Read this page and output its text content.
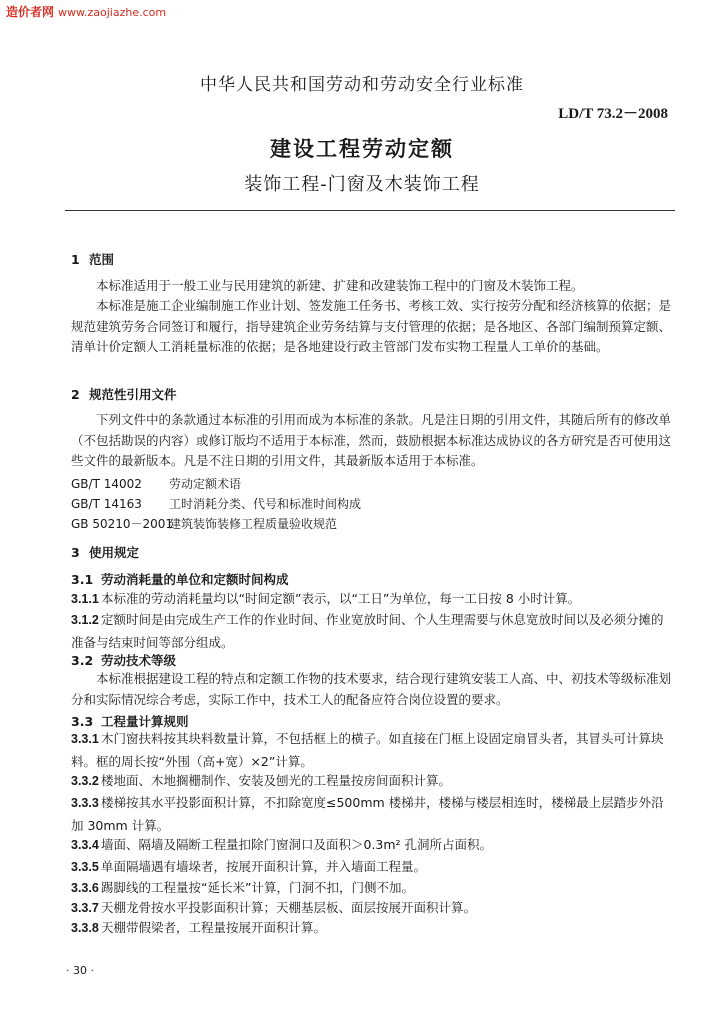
造价者网 www.zaojiazhe.com
中华人民共和国劳动和劳动安全行业标准
LD/T 73.2－2008
建设工程劳动定额
装饰工程-门窗及木装饰工程
1 范围

本标准适用于一般工业与民用建筑的新建、扩建和改建装饰工程中的门窗及木装饰工程。

本标准是施工企业编制施工作业计划、签发施工任务书、考核工效、实行按劳分配和经济核算的依据；是规范建筑劳务合同签订和履行，指导建筑企业劳务结算与支付管理的依据；是各地区、各部门编制预算定额、清单计价定额人工消耗量标准的依据；是各地建设行政主管部门发布实物工程量人工单价的基础。

2 规范性引用文件

下列文件中的条款通过本标准的引用而成为本标准的条款。凡是注日期的引用文件，其随后所有的修改单（不包括勘误的内容）或修订版均不适用于本标准，然而，鼓励根据本标准达成协议的各方研究是否可使用这些文件的最新版本。凡是不注日期的引用文件，其最新版本适用于本标准。

GB/T 14002 劳动定额术语
GB/T 14163 工时消耗分类、代号和标准时间构成
GB 50210－2001建筑装饰装修工程质量验收规范
3 使用规定
3.1 劳动消耗量的单位和定额时间构成

3.1.1 本标准的劳动消耗量均以“时间定额”表示，以“工日”为单位，每一工日按 8 小时计算。

3.1.2 定额时间是由完成生产工作的作业时间、作业宽放时间、个人生理需要与休息宽放时间以及必须分摊的准备与结束时间等部分组成。

3.2 劳动技术等级

本标准根据建设工程的特点和定额工作物的技术要求，结合现行建筑安装工人高、中、初技术等级标准划分和实际情况综合考虑，实际工作中，技术工人的配备应符合岗位设置的要求。

3.3 工程量计算规则

3.3.1 木门窗扶料按其块料数量计算，不包括框上的横子。如直接在门框上设固定扇冒头者，其冒头可计算块料。框的周长按“外围（高+宽）×2”计算。

3.3.2 楼地面、木地搁栅制作、安装及刨光的工程量按房间面积计算。

3.3.3 楼梯按其水平投影面积计算，不扣除宽度≤500mm 楼梯井，楼梯与楼层相连时，楼梯最上层踏步外沿加 30mm 计算。

3.3.4 墙面、隔墙及隔断工程量扣除门窗洞口及面积＞0.3m² 孔洞所占面积。

3.3.5 单面隔墙遇有墙垛者，按展开面积计算，并入墙面工程量。

3.3.6 踢脚线的工程量按“延长米”计算，门洞不扣，门侧不加。

3.3.7 天棚龙骨按水平投影面积计算；天棚基层板、面层按展开面积计算。

3.3.8 天棚带假梁者，工程量按展开面积计算。

· 30 ·
